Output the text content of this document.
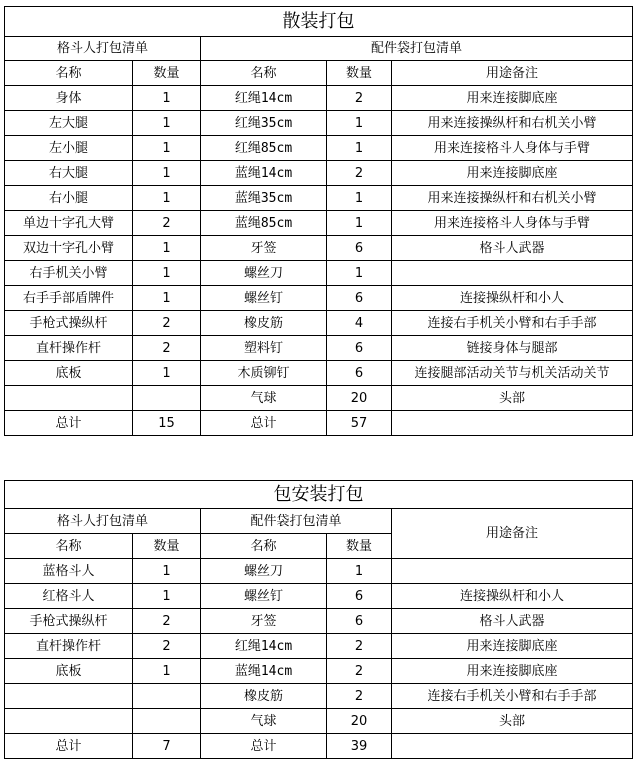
散装打包				
格斗人打包清单		配件袋打包清单		
名称	数量	名称	数量	用途备注
身体	1	红绳14cm	2	用来连接脚底座
左大腿	1	红绳35cm	1	用来连接操纵杆和右机关小臂
左小腿	1	红绳85cm	1	用来连接格斗人身体与手臂
右大腿	1	蓝绳14cm	2	用来连接脚底座
右小腿	1	蓝绳35cm	1	用来连接操纵杆和右机关小臂
单边十字孔大臂	2	蓝绳85cm	1	用来连接格斗人身体与手臂
双边十字孔小臂	1	牙签	6	格斗人武器
右手机关小臂	1	螺丝刀	1	
右手手部盾牌件	1	螺丝钉	6	连接操纵杆和小人
手枪式操纵杆	2	橡皮筋	4	连接右手机关小臂和右手手部
直杆操作杆	2	塑料钉	6	链接身体与腿部
底板	1	木质铆钉	6	连接腿部活动关节与机关活动关节
		气球	20	头部
总计	15	总计	57	
包安装打包				
格斗人打包清单		配件袋打包清单		用途备注
名称	数量	名称	数量	
蓝格斗人	1	螺丝刀	1	
红格斗人	1	螺丝钉	6	连接操纵杆和小人
手枪式操纵杆	2	牙签	6	格斗人武器
直杆操作杆	2	红绳14cm	2	用来连接脚底座
底板	1	蓝绳14cm	2	用来连接脚底座
		橡皮筋	2	连接右手机关小臂和右手手部
		气球	20	头部
总计	7	总计	39	
